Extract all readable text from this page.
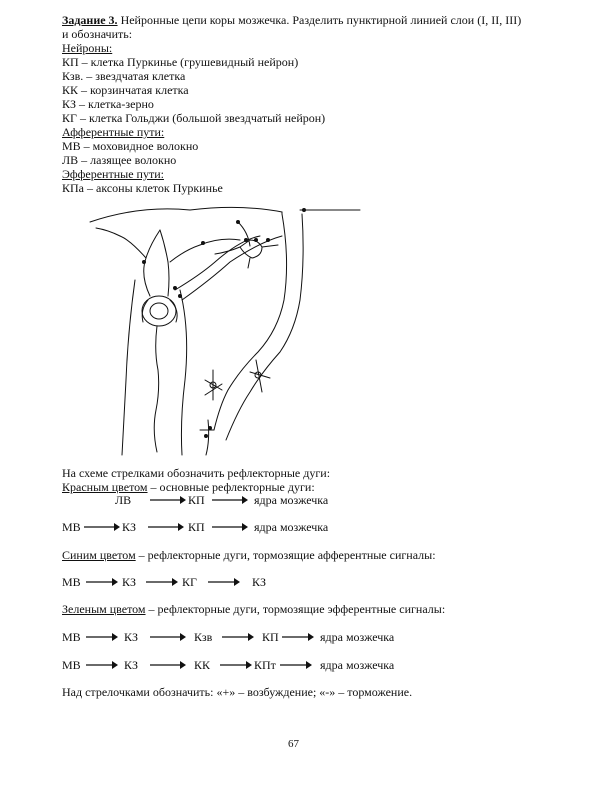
Задание 3. Нейронные цепи коры мозжечка. Разделить пунктирной линией слои (I, II, III)
и обозначить:
Нейроны:
КП – клетка Пуркинье (грушевидный нейрон)
Кзв. – звездчатая клетка
КК – корзинчатая клетка
КЗ – клетка-зерно
КГ – клетка Гольджи (большой звездчатый нейрон)
Афферентные пути:
МВ – моховидное волокно
ЛВ – лазящее волокно
Эфферентные пути:
КПа – аксоны клеток Пуркинье
На схеме стрелками обозначить рефлекторные дуги:
Красным цветом – основные рефлекторные дуги:
ЛВ	КП	ядра мозжечка
МВ	КЗ	КП	ядра мозжечка
Синим цветом – рефлекторные дуги, тормозящие афферентные сигналы:
МВ	КЗ	КГ	КЗ
Зеленым цветом – рефлекторные дуги, тормозящие эфферентные сигналы:
МВ	КЗ	Кзв	КП	ядра мозжечка
МВ	КЗ	КК	КПт	ядра мозжечка
Над стрелочками обозначить: «+» – возбуждение; «-» – торможение.
67
